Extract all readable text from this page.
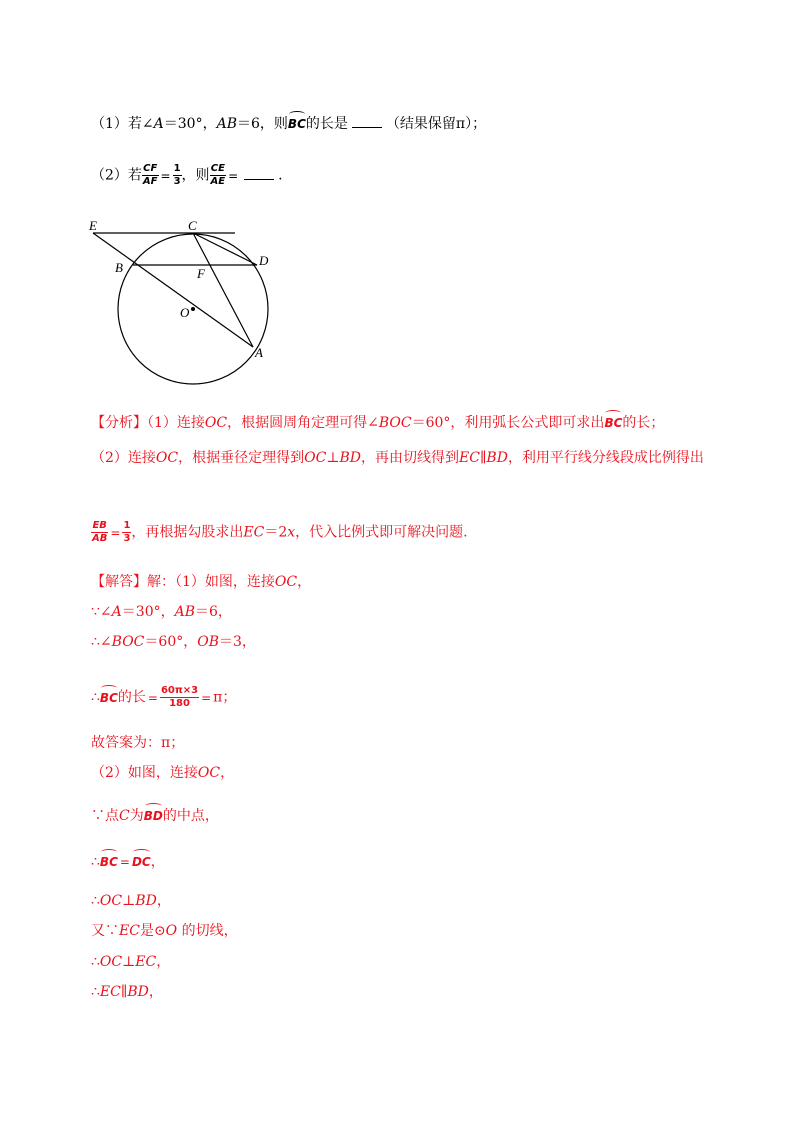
（1）若∠A＝30°，AB＝6，则BC的长是	（结果保留π）；
（2）若 $\frac{CF}{AF} = \frac{1}{3}$ ，则 $\frac{CE}{AE}$ =	.
E	C
D
B	F
O
A
【分析】（1）连接OC，根据圆周角定理可得∠BOC＝60°，利用弧长公式即可求出BC的长；
（2）连接OC，根据垂径定理得到OC⊥BD，再由切线得到EC∥BD，利用平行线分线段成比例得出
$\frac{EB}{AB} = \frac{1}{3}$ ，再根据勾股求出EC＝2x，代入比例式即可解决问题.
【解答】解：（1）如图，连接OC，
∵∠A＝30°，AB＝6，
∴∠BOC＝60°，OB＝3，
∴BC的长 = $\frac{60\pi\times 3}{180} = \pi$；
故答案为：π；
（2）如图，连接OC，
∵点C为BD的中点，
∴BC = DC，
∴OC⊥BD，
又∵EC是⊙O 的切线，
∴OC⊥EC，
∴EC∥BD，
